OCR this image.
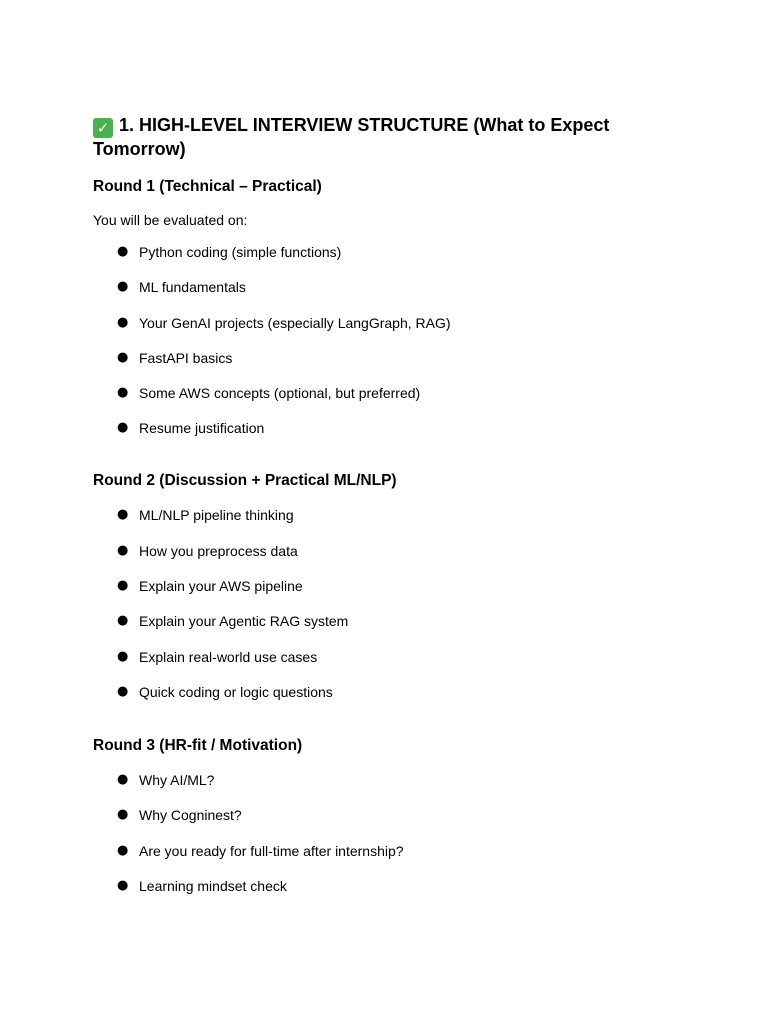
✓ 1. HIGH-LEVEL INTERVIEW STRUCTURE (What to Expect Tomorrow)
Round 1 (Technical – Practical)

You will be evaluated on:

● Python coding (simple functions)
● ML fundamentals
● Your GenAI projects (especially LangGraph, RAG)
● FastAPI basics
● Some AWS concepts (optional, but preferred)
● Resume justification
Round 2 (Discussion + Practical ML/NLP)
● ML/NLP pipeline thinking
● How you preprocess data
● Explain your AWS pipeline
● Explain your Agentic RAG system
● Explain real-world use cases
● Quick coding or logic questions
Round 3 (HR-fit / Motivation)
● Why AI/ML?
● Why Cogninest?
● Are you ready for full-time after internship?
● Learning mindset check
